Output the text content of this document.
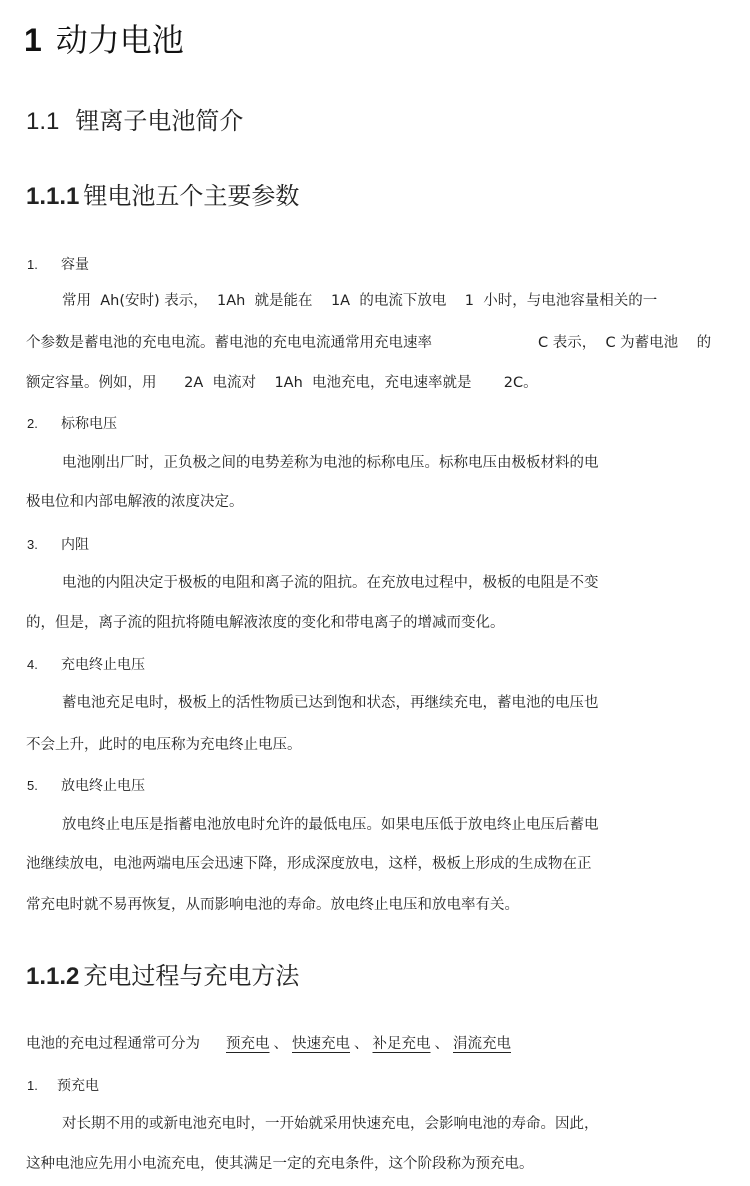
1 动力电池
1.1 锂离子电池简介
1.1.1 锂电池五个主要参数
1. 容量
常用  Ah(安时) 表示，  1Ah  就是能在    1A  的电流下放电    1  小时，与电池容量相关的一
个参数是蓄电池的充电电流。蓄电池的充电电流通常用充电速率	C 表示，  C 为蓄电池    的
额定容量。例如，用      2A  电流对    1Ah  电池充电，充电速率就是       2C。
2. 标称电压
电池刚出厂时，正负极之间的电势差称为电池的标称电压。标称电压由极板材料的电
极电位和内部电解液的浓度决定。
3. 内阻
电池的内阻决定于极板的电阻和离子流的阻抗。在充放电过程中，极板的电阻是不变
的，但是，离子流的阻抗将随电解液浓度的变化和带电离子的增减而变化。
4. 充电终止电压
蓄电池充足电时，极板上的活性物质已达到饱和状态，再继续充电，蓄电池的电压也
不会上升，此时的电压称为充电终止电压。
5. 放电终止电压
放电终止电压是指蓄电池放电时允许的最低电压。如果电压低于放电终止电压后蓄电
池继续放电，电池两端电压会迅速下降，形成深度放电，这样，极板上形成的生成物在正
常充电时就不易再恢复，从而影响电池的寿命。放电终止电压和放电率有关。
1.1.2 充电过程与充电方法
电池的充电过程通常可分为 预充电 、 快速充电 、 补足充电 、 涓流充电
1. 预充电
对长期不用的或新电池充电时，一开始就采用快速充电，会影响电池的寿命。因此，
这种电池应先用小电流充电，使其满足一定的充电条件，这个阶段称为预充电。
